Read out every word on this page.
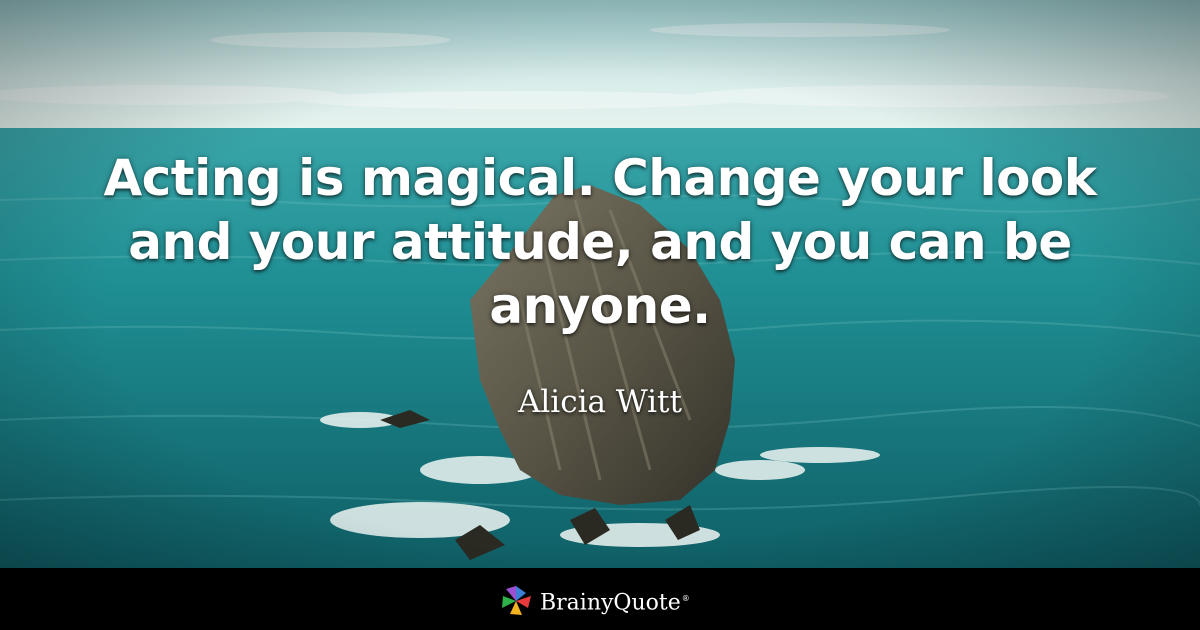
Acting is magical. Change your look and your attitude, and you can be anyone.

Alicia Witt

BrainyQuote®
